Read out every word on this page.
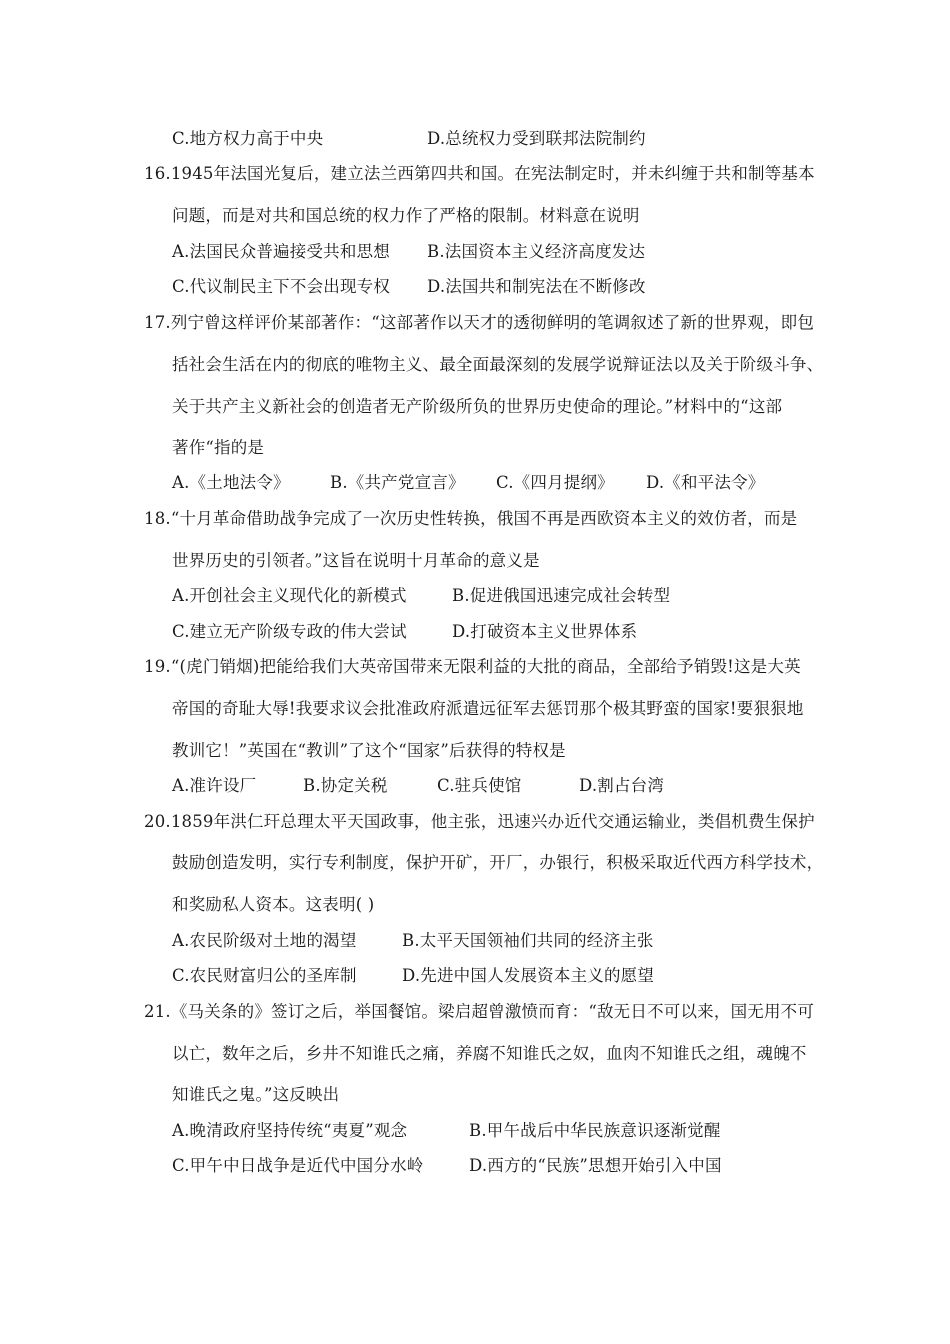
C.地方权力高于中央	D.总统权力受到联邦法院制约
16.1945年法国光复后，建立法兰西第四共和国。在宪法制定时，并未纠缠于共和制等基本
问题，而是对共和国总统的权力作了严格的限制。材料意在说明
A.法国民众普遍接受共和思想 B.法国资本主义经济高度发达
C.代议制民主下不会出现专权 D.法国共和制宪法在不断修改
17.列宁曾这样评价某部著作：“这部著作以天才的透彻鲜明的笔调叙述了新的世界观，即包
括社会生活在内的彻底的唯物主义、最全面最深刻的发展学说辩证法以及关于阶级斗争、
关于共产主义新社会的创造者无产阶级所负的世界历史使命的理论。”材料中的“这部
著作“指的是
A.《土地法令》 B.《共产党宣言》 C.《四月提纲》 D.《和平法令》
18.“十月革命借助战争完成了一次历史性转换，俄国不再是西欧资本主义的效仿者，而是
世界历史的引领者。”这旨在说明十月革命的意义是
A.开创社会主义现代化的新模式	B.促进俄国迅速完成社会转型
C.建立无产阶级专政的伟大尝试	D.打破资本主义世界体系
19.“(虎门销烟)把能给我们大英帝国带来无限利益的大批的商品，全部给予销毁!这是大英
帝国的奇耻大辱!我要求议会批准政府派遣远征军去惩罚那个极其野蛮的国家!要狠狠地
教训它！”英国在“教训”了这个“国家”后获得的特权是
A.准许设厂	B.协定关税	C.驻兵使馆	D.割占台湾
20.1859年洪仁玕总理太平天国政事，他主张，迅速兴办近代交通运输业，类倡机费生保护
鼓励创造发明，实行专利制度，保护开矿，开厂，办银行，积极采取近代西方科学技术，
和奖励私人资本。这表明( )
A.农民阶级对土地的渴望	B.太平天国领袖们共同的经济主张
C.农民财富归公的圣库制	D.先进中国人发展资本主义的愿望
21.《马关条的》签订之后，举国餐馆。梁启超曾激愤而育：“敌无日不可以来，国无用不可
以亡，数年之后，乡井不知谁氏之痛，养腐不知谁氏之奴，血肉不知谁氏之组，魂魄不
知谁氏之鬼。”这反映出
A.晚清政府坚持传统“夷夏”观念	B.甲午战后中华民族意识逐渐觉醒
C.甲午中日战争是近代中国分水岭	D.西方的“民族”思想开始引入中国
